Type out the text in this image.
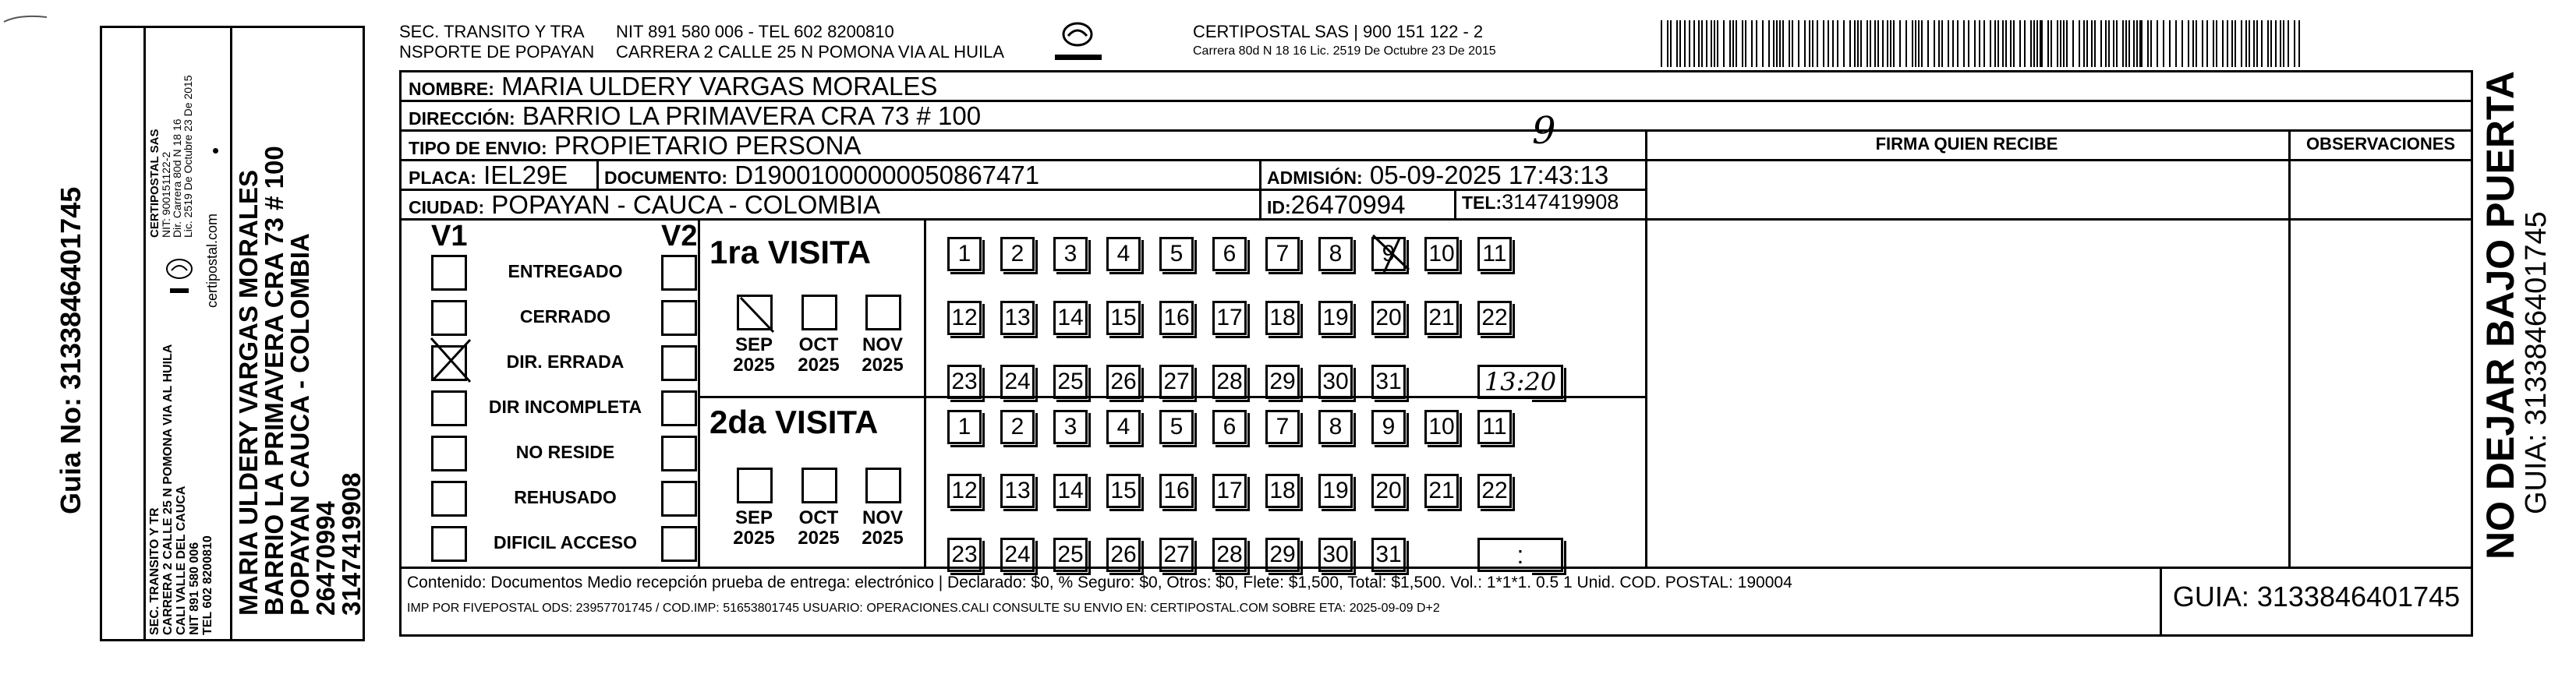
Guia No: 3133846401745
SEC. TRANSITO Y TR CARRERA 2 CALLE 25 N POMONA VIA AL HUILA CALI VALLE DEL CAUCA NIT 891 580 006 TEL 602 8200810
CERTIPOSTAL SAS
NIT: 900151122-2
Dir. Carrera 80d N 18 16
Lic. 2519 De Octubre 23 De 2015
certipostal.com MARIA ULDERY VARGAS MORALES
BARRIO LA PRIMAVERA CRA 73 # 100
POPAYAN CAUCA - COLOMBIA
26470994
3147419908
SEC. TRANSITO Y TRA
NSPORTE DE POPAYAN
NIT 891 580 006 - TEL 602 8200810
CARRERA 2 CALLE 25 N POMONA VIA AL HUILA
CERTIPOSTAL SAS | 900 151 122 - 2
Carrera 80d N 18 16 Lic. 2519 De Octubre 23 De 2015
NOMBRE: MARIA ULDERY VARGAS MORALES
DIRECCIÓN: BARRIO LA PRIMAVERA CRA 73 # 100
TIPO DE ENVIO: PROPIETARIO PERSONA	9
PLACA: IEL29E DOCUMENTO: D19001000000050867471	ADMISIÓN: 05-09-2025 17:43:13
CIUDAD: POPAYAN - CAUCA - COLOMBIA	ID:26470994	TEL:3147419908
FIRMA QUIEN RECIBE	OBSERVACIONES
V1	V2
ENTREGADO
CERRADO
DIR. ERRADA
DIR INCOMPLETA
NO RESIDE
REHUSADO
DIFICIL ACCESO
1ra VISITA
2da VISITA
SEP
2025
OCT
2025
NOV
2025
1	2	3	4	5	6	7	8	9	10 11
12 13 14 15 16 17 18 19 20 21 22
23 24 25 26 27 28 29 30 31	13:20
SEP
2025
OCT
2025
NOV
2025
1	2	3	4	5	6	7	8	9	10 11
12 13 14 15 16 17 18 19 20 21 22
23 24 25 26 27 28 29 30 31	:
Contenido: Documentos Medio recepción prueba de entrega: electrónico | Declarado: $0, % Seguro: $0, Otros: $0, Flete: $1,500, Total: $1,500. Vol.: 1*1*1. 0.5 1 Unid. COD. POSTAL: 190004
IMP POR FIVEPOSTAL ODS: 23957701745 / COD.IMP: 51653801745 USUARIO: OPERACIONES.CALI CONSULTE SU ENVIO EN: CERTIPOSTAL.COM SOBRE ETA: 2025-09-09 D+2	GUIA: 3133846401745
NO DEJAR BAJO PUERTA
GUIA: 3133846401745
